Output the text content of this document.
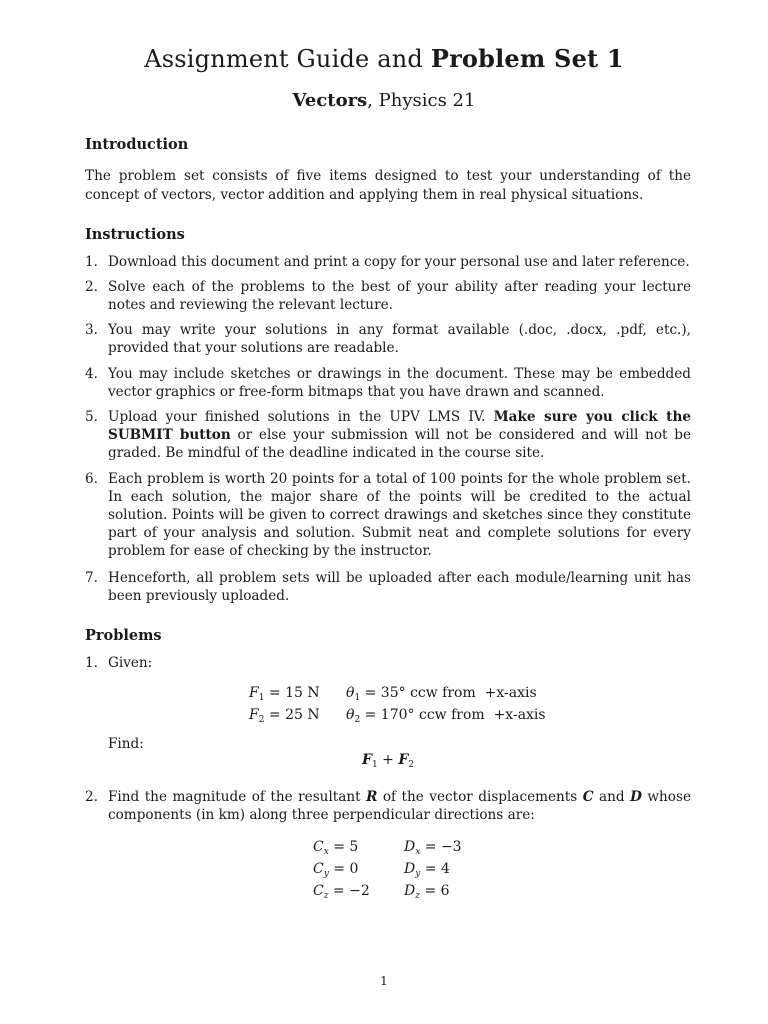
Assignment Guide and Problem Set 1
Vectors, Physics 21
Introduction
The problem set consists of five items designed to test your understanding of the concept of vectors, vector addition and applying them in real physical situations.
Instructions
1. Download this document and print a copy for your personal use and later reference.
2. Solve each of the problems to the best of your ability after reading your lecture notes and reviewing the relevant lecture.
3. You may write your solutions in any format available (.doc, .docx, .pdf, etc.), provided that your solutions are readable.
4. You may include sketches or drawings in the document. These may be embedded vector graphics or free-form bitmaps that you have drawn and scanned.
5. Upload your finished solutions in the UPV LMS IV. Make sure you click the SUBMIT button or else your submission will not be considered and will not be graded. Be mindful of the deadline indicated in the course site.
6. Each problem is worth 20 points for a total of 100 points for the whole problem set. In each solution, the major share of the points will be credited to the actual solution. Points will be given to correct drawings and sketches since they constitute part of your analysis and solution. Submit neat and complete solutions for every problem for ease of checking by the instructor.
7. Henceforth, all problem sets will be uploaded after each module/learning unit has been previously uploaded.
Problems
1. Given:
$F_1 = 15$ N
$F_2 = 25$ N
$\theta_1 = 35^\circ$ ccw from +x-axis
$\theta_2 = 170^\circ$ ccw from +x-axis
Find:
$F_1 + F_2$
2. Find the magnitude of the resultant R of the vector displacements C and D whose components (in km) along three perpendicular directions are:
$C_x = 5$
$C_y = 0$
$C_z = -2$
$D_x = -3$
$D_y = 4$
$D_z = 6$
1
